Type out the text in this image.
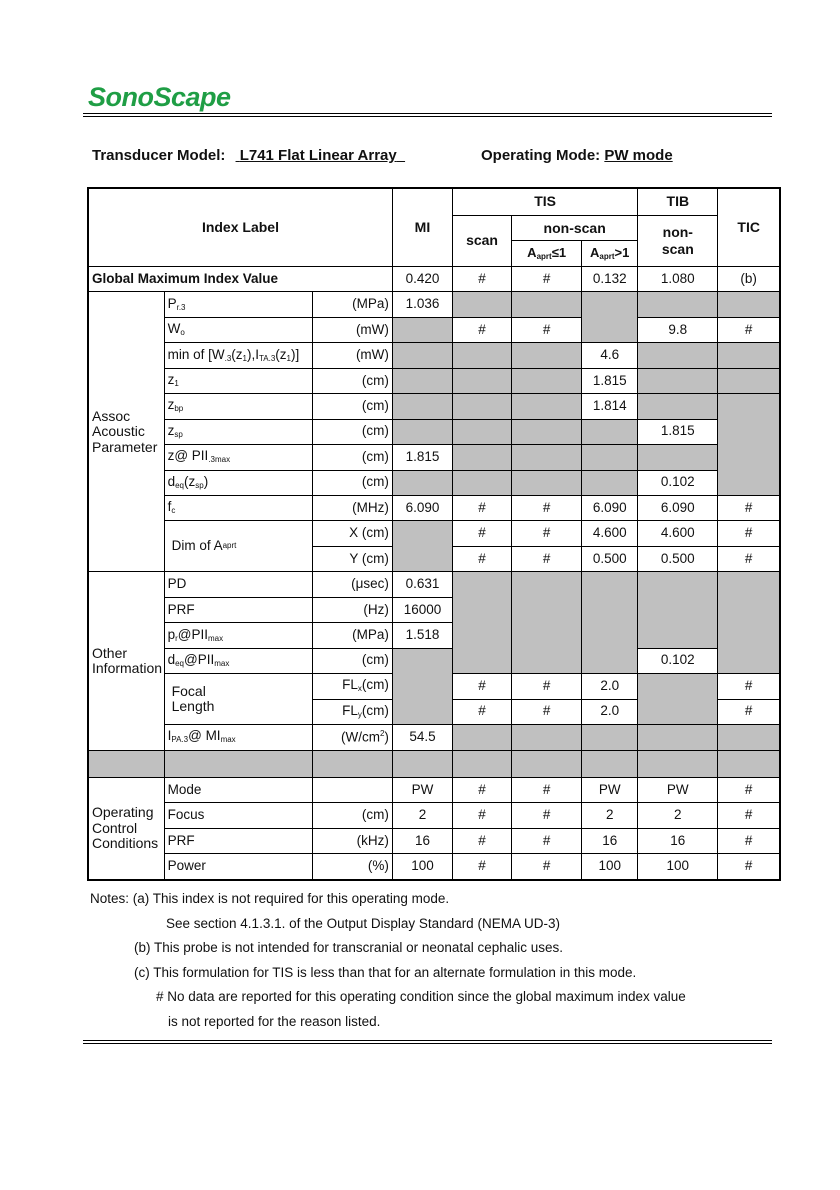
SonoScape
Transducer Model: L741 Flat Linear Array	Operating Mode: PW mode
Index Label			MI	TIS			TIB	TIC
				scan	non-scan		non-
scan	
					$A_{aprt}\le 1$	$A_{aprt}>1$		
Global Maximum Index Value			0.420	#	#	0.132	1.080	(b)
Assoc
Acoustic
Parameter	$P_{r.3}$	(MPa)	1.036					
	$W_o$	(mW)		#	#		9.8	#
	min of $[W_{.3}(z_1),I_{TA.3}(z_1)]$	(mW)				4.6		
	$z_1$	(cm)				1.815		
	$z_{bp}$	(cm)				1.814		
	$z_{sp}$	(cm)					1.815	
	z@ $PII_{.3max}$	(cm)	1.815					
	$d_{eq}(z_{sp})$	(cm)					0.102	
	$f_c$	(MHz)	6.090	#	#	6.090	6.090	#

	Dim of A aprt	X (cm)		#	#	4.600	4.600	#
		Y (cm)		#	#	0.500	0.500	#
Other
Information	PD	(μsec)	0.631					
	PRF	(Hz)	16000					
	$p_r@PII_{max}$	(MPa)	1.518					
	$d_{eq}@PII_{max}$	(cm)					0.102	
	Focal
Length	$FL_x(cm)$		#	#	2.0		#
		$FL_y(cm)$		#	#	2.0		#
	$I_{PA.3}@$ $MI_{max}$	$(W/cm^2)$	54.5					

Operating
Control
Conditions	Mode		PW	#	#	PW	PW	#
	Focus	(cm)	2	#	#	2	2	#
	PRF	(kHz)	16	#	#	16	16	#
	Power	(%)	100	#	#	100	100	#
Notes: (a) This index is not required for this operating mode.
See section 4.1.3.1. of the Output Display Standard (NEMA UD-3)
(b) This probe is not intended for transcranial or neonatal cephalic uses.
(c) This formulation for TIS is less than that for an alternate formulation in this mode.
# No data are reported for this operating condition since the global maximum index value
is not reported for the reason listed.
